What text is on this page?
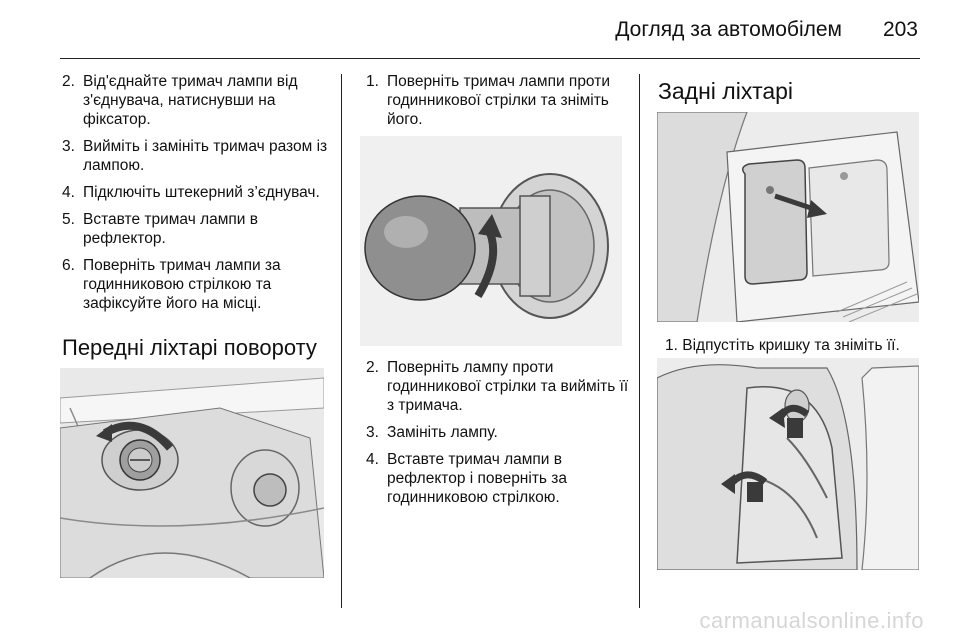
Догляд за автомобілем 203
2. Від'єднайте тримач лампи від з'єднувача, натиснувши на фіксатор.
3. Вийміть і замініть тримач разом із лампою.
4. Підключіть штекерний з’єднувач.
5. Вставте тримач лампи в рефлектор.
6. Поверніть тримач лампи за годинниковою стрілкою та зафіксуйте його на місці.
Передні ліхтарі повороту
1. Поверніть тримач лампи проти годинникової стрілки та зніміть його.
2. Поверніть лампу проти годинникової стрілки та вийміть її з тримача.
3. Замініть лампу.
4. Вставте тримач лампи в рефлектор і поверніть за годинниковою стрілкою.
Задні ліхтарі
1. Відпустіть кришку та зніміть її.
carmanualsonline.info
